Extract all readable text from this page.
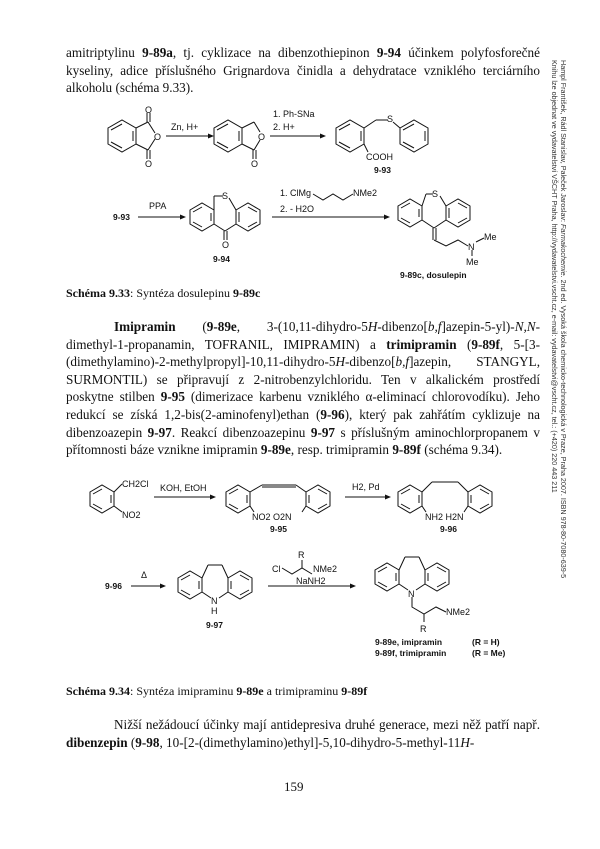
amitriptylinu 9-89a, tj. cyklizace na dibenzothiepinon 9-94 účinkem polyfosforečné kyseliny, adice příslušného Grignardova činidla a dehydratace vzniklého terciárního alkoholu (schéma 9.33).
O
O
O
Zn, H+
O
O
1. Ph-SNa
2. H+
S
COOH
9-93
9-93
PPA
S
O
9-94
1. ClMg	NMe2
2. - H2O
S
N
Me
Me
9-89c, dosulepin
Schéma 9.33: Syntéza dosulepinu 9-89c
Imipramin (9-89e, 3-(10,11-dihydro-5H-dibenzo[b,f]azepin-5-yl)-N,N-dimethyl-1-propanamin, TOFRANIL, IMIPRAMIN) a trimipramin (9-89f, 5-[3-(dimethylamino)-2-methylpropyl]-10,11-dihydro-5H-dibenzo[b,f]azepin, STANGYL, SURMONTIL) se připravují z 2-nitrobenzylchloridu. Ten v alkalickém prostředí poskytne stilben 9-95 (dimerizace karbenu vzniklého α-eliminací chlorovodíku). Jeho redukcí se získá 1,2-bis(2-aminofenyl)ethan (9-96), který pak zahřátím cyklizuje na dibenzoazepin 9-97. Reakcí dibenzoazepinu 9-97 s příslušným aminochlorpropanem v přítomnosti báze vznikne imipramin 9-89e, resp. trimipramin 9-89f (schéma 9.34).
CH2Cl
NO2
KOH, EtOH
NO2 O2N
9-95
H2, Pd
NH2 H2N
9-96
9-96
Δ
N
H
9-97
Cl
R
NMe2
NaNH2
N
NMe2
R
9-89e, imipramin	(R = H)
9-89f, trimipramin	(R = Me)
Schéma 9.34: Syntéza imipraminu 9-89e a trimipraminu 9-89f
Nižší nežádoucí účinky mají antidepresiva druhé generace, mezi něž patří např. dibenzepin (9-98, 10-[2-(dimethylamino)ethyl]-5,10-dihydro-5-methyl-11H-
159
Hampl František, Rádl Stanislav, Paleček Jaroslav: Farmakochemie. 2nd ed. Vysoká škola chemicko-technologická v Praze, Praha 2007. ISBN 978-80-7080-639-5
Knihu lze objednat ve vydavatelství VŠCHT Praha, http://vydavatelstvi.vscht.cz, e-mail: vydavatelstvi@vscht.cz, tel.: (+420) 220 443 211
